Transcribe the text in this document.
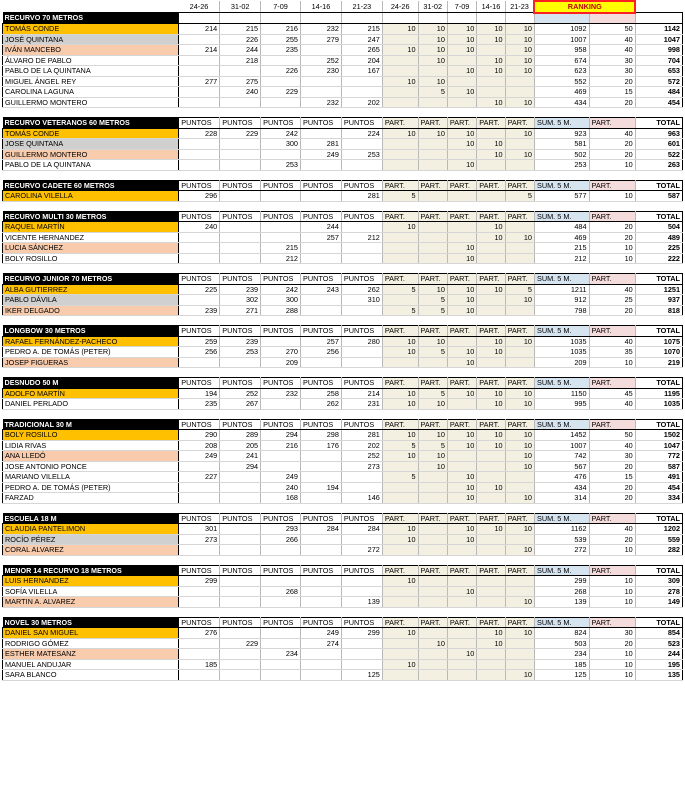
	24-26	31-02	7-09	14-16	21-23	24-26	31-02	7-09	14-16	21-23	RANKING		
RECURVO 70 METROS													
TOMÁS CONDE	214	215	216	232	215	10	10	10	10	10	1092	50	1142
JOSÉ QUINTANA		226	255	279	247		10	10	10	10	1007	40	1047
IVÁN MANCEBO	214	244	235		265	10	10	10		10	958	40	998
ÁLVARO DE PABLO		218		252	204		10		10	10	674	30	704
PABLO DE LA QUINTANA			226	230	167			10	10	10	623	30	653
MIGUEL ÁNGEL REY	277	275				10	10				552	20	572
CAROLINA LAGUNA		240	229				5	10			469	15	484
GUILLERMO MONTERO				232	202				10	10	434	20	454

RECURVO VETERANOS 60 METROS	PUNTOS	PUNTOS	PUNTOS	PUNTOS	PUNTOS	PART.	PART.	PART.	PART.	PART.	SUM. 5 M.	PART.	TOTAL
TOMÁS CONDE	228	229	242		224	10	10	10		10	923	40	963
JOSE QUINTANA			300	281				10	10		581	20	601
GUILLERMO MONTERO				249	253				10	10	502	20	522
PABLO DE LA QUINTANA			253					10			253	10	263

RECURVO CADETE 60 METROS	PUNTOS	PUNTOS	PUNTOS	PUNTOS	PUNTOS	PART.	PART.	PART.	PART.	PART.	SUM. 5 M.	PART.	TOTAL
CAROLINA VILELLA	296				281	5				5	577	10	587

RECURVO MULTI 30 METROS	PUNTOS	PUNTOS	PUNTOS	PUNTOS	PUNTOS	PART.	PART.	PART.	PART.	PART.	SUM. 5 M.	PART.	TOTAL
RAQUEL MARTÍN	240			244		10			10		484	20	504
VICENTE HERNANDEZ				257	212				10	10	469	20	489
LUCIA SÁNCHEZ			215					10			215	10	225
BOLY ROSILLO			212					10			212	10	222

RECURVO JUNIOR 70 METROS	PUNTOS	PUNTOS	PUNTOS	PUNTOS	PUNTOS	PART.	PART.	PART.	PART.	PART.	SUM. 5 M.	PART.	TOTAL
ALBA GUTIERREZ	225	239	242	243	262	5	10	10	10	5	1211	40	1251
PABLO DÁVILA		302	300		310		5	10		10	912	25	937
IKER DELGADO	239	271	288			5	5	10			798	20	818

LONGBOW 30 METROS	PUNTOS	PUNTOS	PUNTOS	PUNTOS	PUNTOS	PART.	PART.	PART.	PART.	PART.	SUM. 5 M.	PART.	TOTAL
RAFAEL FERNÁNDEZ-PACHECO	259	239		257	280	10	10		10	10	1035	40	1075
PEDRO A. DE TOMÁS (PETER)	256	253	270	256		10	5	10	10		1035	35	1070
JOSEP FIGUERAS			209					10			209	10	219

DESNUDO 50 M	PUNTOS	PUNTOS	PUNTOS	PUNTOS	PUNTOS	PART.	PART.	PART.	PART.	PART.	SUM. 5 M.	PART.	TOTAL
ADOLFO MARTÍN	194	252	232	258	214	10	5	10	10	10	1150	45	1195
DANIEL PERLADO	235	267		262	231	10	10		10	10	995	40	1035

TRADICIONAL 30 M	PUNTOS	PUNTOS	PUNTOS	PUNTOS	PUNTOS	PART.	PART.	PART.	PART.	PART.	SUM. 5 M.	PART.	TOTAL
BOLY ROSILLO	290	289	294	298	281	10	10	10	10	10	1452	50	1502
LIDIA RIVAS	208	205	216	176	202	5	5	10	10	10	1007	40	1047
ANA LLEDÓ	249	241			252	10	10			10	742	30	772
JOSE ANTONIO PONCE		294			273		10			10	567	20	587
MARIANO VILELLA	227		249			5		10			476	15	491
PEDRO A. DE TOMÁS (PETER)			240	194				10	10		434	20	454
FARZAD			168		146			10		10	314	20	334

ESCUELA 18 M	PUNTOS	PUNTOS	PUNTOS	PUNTOS	PUNTOS	PART.	PART.	PART.	PART.	PART.	SUM. 5 M.	PART.	TOTAL
CLAUDIA PANTELIMON	301		293	284	284	10		10	10	10	1162	40	1202
ROCÍO PÉREZ	273		266			10		10			539	20	559
CORAL ALVAREZ					272					10	272	10	282

MENOR 14 RECURVO 18 METROS	PUNTOS	PUNTOS	PUNTOS	PUNTOS	PUNTOS	PART.	PART.	PART.	PART.	PART.	SUM. 5 M.	PART.	TOTAL
LUIS HERNANDEZ	299					10					299	10	309
SOFÍA VILELLA			268					10			268	10	278
MARTIN A. ALVAREZ					139					10	139	10	149

NOVEL 30 METROS	PUNTOS	PUNTOS	PUNTOS	PUNTOS	PUNTOS	PART.	PART.	PART.	PART.	PART.	SUM. 5 M.	PART.	TOTAL
DANIEL SAN MIGUEL	276			249	299	10			10	10	824	30	854
RODRIGO GÓMEZ		229		274			10		10		503	20	523
ESTHER MATESANZ			234					10			234	10	244
MANUEL ANDUJAR	185					10					185	10	195
SARA BLANCO					125					10	125	10	135
